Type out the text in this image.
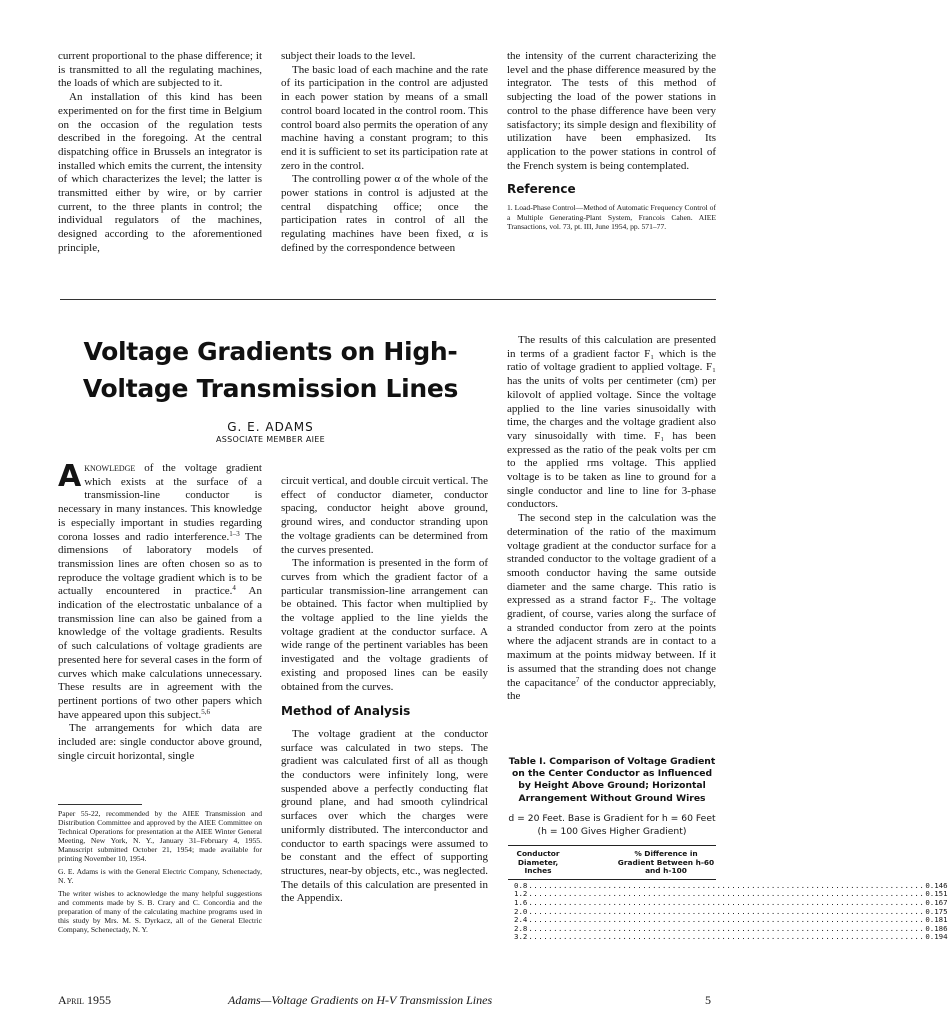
current proportional to the phase difference; it is transmitted to all the regulating machines, the loads of which are subjected to it.

An installation of this kind has been experimented on for the first time in Belgium on the occasion of the regulation tests described in the foregoing. At the central dispatching office in Brussels an integrator is installed which emits the current, the intensity of which characterizes the level; the latter is transmitted either by wire, or by carrier current, to the three plants in control; the individual regulators of the machines, designed according to the aforementioned principle,

subject their loads to the level.

The basic load of each machine and the rate of its participation in the control are adjusted in each power station by means of a small control board located in the control room. This control board also permits the operation of any machine having a constant program; to this end it is sufficient to set its participation rate at zero in the control.

The controlling power α of the whole of the power stations in control is adjusted at the central dispatching office; once the participation rates in control of all the regulating machines have been fixed, α is defined by the correspondence between

the intensity of the current characterizing the level and the phase difference measured by the integrator. The tests of this method of subjecting the load of the power stations in control to the phase difference have been very satisfactory; its simple design and flexibility of utilization have been emphasized. Its application to the power stations in control of the French system is being contemplated.

Reference
1. Load-Phase Control—Method of Automatic Frequency Control of a Multiple Generating-Plant System, Francois Cahen. AIEE Transactions, vol. 73, pt. III, June 1954, pp. 571–77.
Voltage Gradients on High-Voltage Transmission Lines
G. E. ADAMS
ASSOCIATE MEMBER AIEE

Aknowledge of the voltage gradient which exists at the surface of a transmission-line conductor is necessary in many instances. This knowledge is especially important in studies regarding corona losses and radio interference.$^{1-3}$ The dimensions of laboratory models of transmission lines are often chosen so as to reproduce the voltage gradient which is to be actually encountered in practice.$^4$ An indication of the electrostatic unbalance of a transmission line can also be gained from a knowledge of the voltage gradients. Results of such calculations of voltage gradients are presented here for several cases in the form of curves which make calculations unnecessary. These results are in agreement with the pertinent portions of two other papers which have appeared upon this subject.$^{5,6}$

The arrangements for which data are included are: single conductor above ground, single circuit horizontal, single

Paper 55-22, recommended by the AIEE Transmission and Distribution Committee and approved by the AIEE Committee on Technical Operations for presentation at the AIEE Winter General Meeting, New York, N. Y., January 31–February 4, 1955. Manuscript submitted October 21, 1954; made available for printing November 10, 1954.

G. E. Adams is with the General Electric Company, Schenectady, N. Y.

The writer wishes to acknowledge the many helpful suggestions and comments made by S. B. Crary and C. Concordia and the preparation of many of the calculating machine programs used in this study by Mrs. M. S. Dyrkacz, all of the General Electric Company, Schenectady, N. Y.

circuit vertical, and double circuit vertical. The effect of conductor diameter, conductor spacing, conductor height above ground, ground wires, and conductor stranding upon the voltage gradients can be determined from the curves presented.

The information is presented in the form of curves from which the gradient factor of a particular transmission-line arrangement can be obtained. This factor when multiplied by the voltage applied to the line yields the voltage gradient at the conductor surface. A wide range of the pertinent variables has been investigated and the voltage gradients of existing and proposed lines can be easily obtained from the curves.

Method of Analysis

The voltage gradient at the conductor surface was calculated in two steps. The gradient was calculated first of all as though the conductors were infinitely long, were suspended above a perfectly conducting flat ground plane, and had smooth cylindrical surfaces over which the charges were uniformly distributed. The interconductor and conductor to earth spacings were assumed to be constant and the effect of supporting structures, near-by objects, etc., was neglected. The details of this calculation are presented in the Appendix.

The results of this calculation are presented in terms of a gradient factor F₁ which is the ratio of voltage gradient to applied voltage. F₁ has the units of volts per centimeter (cm) per kilovolt of applied voltage. Since the voltage applied to the line varies sinusoidally with time, the charges and the voltage gradient also vary sinusoidally with time. F₁ has been expressed as the ratio of the peak volts per cm to the applied rms voltage. This applied voltage is to be taken as line to ground for a single conductor and line to line for 3-phase conductors.

The second step in the calculation was the determination of the ratio of the maximum voltage gradient at the conductor surface for a stranded conductor to the voltage gradient of a smooth conductor having the same outside diameter and the same charge. This ratio is expressed as a strand factor F₂. The voltage gradient, of course, varies along the surface of a stranded conductor from zero at the points where the adjacent strands are in contact to a maximum at the points midway between. If it is assumed that the stranding does not change the capacitance$^7$ of the conductor appreciably, the

Table I. Comparison of Voltage Gradient on the Center Conductor as Influenced by Height Above Ground; Horizontal Arrangement Without Ground Wires
d = 20 Feet. Base is Gradient for h = 60 Feet (h = 100 Gives Higher Gradient)
Conductor Diameter, Inches
% Difference in Gradient Between h-60 and h-100
0.8 ................................................................................ 0.146
1.2 ................................................................................ 0.151
1.6 ................................................................................ 0.167
2.0 ................................................................................ 0.175
2.4 ................................................................................ 0.181
2.8 ................................................................................ 0.186
3.2 ................................................................................ 0.194
April 1955	Adams—Voltage Gradients on H-V Transmission Lines	5
